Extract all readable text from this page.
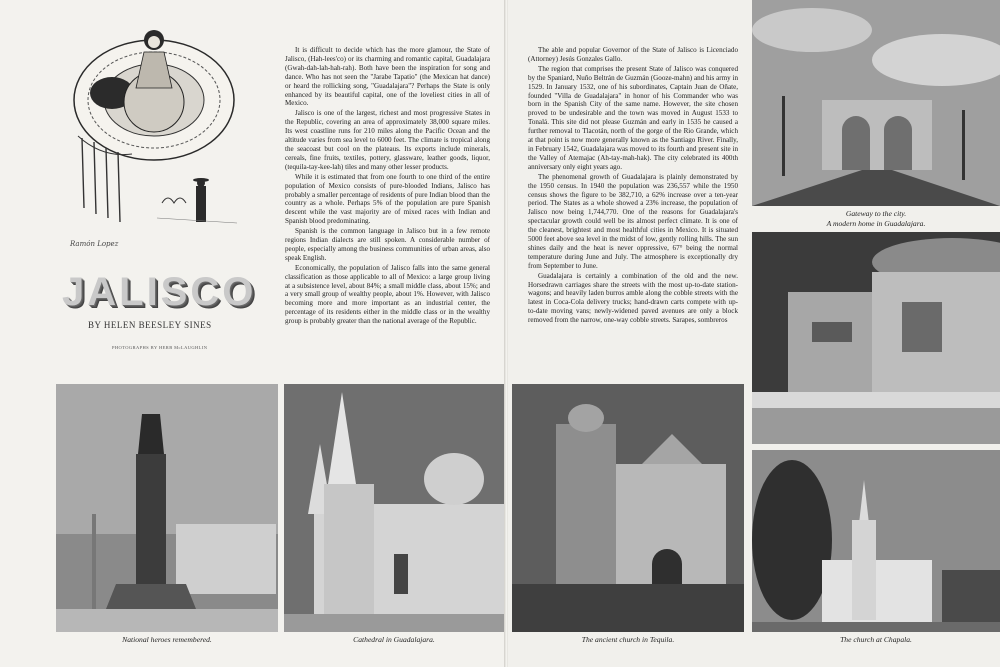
Ramón Lopez
JALISCO
BY HELEN BEESLEY SINES
PHOTOGRAPHS BY HERB McLAUGHLIN

It is difficult to decide which has the more glamour, the State of Jalisco, (Hah-lees'co) or its charming and romantic capital, Guadalajara (Gwah-dah-lah-hah-rah). Both have been the inspiration for song and dance. Who has not seen the "Jarabe Tapatio" (the Mexican hat dance) or heard the rollicking song, "Guadalajara"? Perhaps the State is only enhanced by its beautiful capital, one of the loveliest cities in all of Mexico.

Jalisco is one of the largest, richest and most progressive States in the Republic, covering an area of approximately 38,000 square miles. Its west coastline runs for 210 miles along the Pacific Ocean and the altitude varies from sea level to 6000 feet. The climate is tropical along the seacoast but cool on the plateaus. Its exports include minerals, cereals, fine fruits, textiles, pottery, glassware, leather goods, liquor, (tequila-tay-kee-lah) tiles and many other lesser products.

While it is estimated that from one fourth to one third of the entire population of Mexico consists of pure-blooded Indians, Jalisco has probably a smaller percentage of residents of pure Indian blood than the country as a whole. Perhaps 5% of the population are pure Spanish descent while the vast majority are of mixed races with Indian and Spanish blood predominating.

Spanish is the common language in Jalisco but in a few remote regions Indian dialects are still spoken. A considerable number of people, especially among the business communities of urban areas, also speak English.

Economically, the population of Jalisco falls into the same general classification as those applicable to all of Mexico: a large group living at a subsistence level, about 84%; a small middle class, about 15%; and a very small group of wealthy people, about 1%. However, with Jalisco becoming more and more important as an industrial center, the percentage of its residents either in the middle class or in the wealthy group is probably greater than the national average of the Republic.

National heroes remembered.	Cathedral in Guadalajara.

The able and popular Governor of the State of Jalisco is Licenciado (Attorney) Jesús Gonzales Gallo.

The region that comprises the present State of Jalisco was conquered by the Spaniard, Nuño Beltrán de Guzmán (Gooze-mahn) and his army in 1529. In January 1532, one of his subordinates, Captain Juan de Oñate, founded "Villa de Guadalajara" in honor of his Commander who was born in the Spanish City of the same name. However, the site chosen proved to be undesirable and the town was moved in August 1533 to Tonalá. This site did not please Guzmán and early in 1535 he caused a further removal to Tlacotán, north of the gorge of the Rio Grande, which at that point is now more generally known as the Santiago River. Finally, in February 1542, Guadalajara was moved to its fourth and present site in the Valley of Atemajac (Ah-tay-mah-hak). The city celebrated its 400th anniversary only eight years ago.

The phenomenal growth of Guadalajara is plainly demonstrated by the 1950 census. In 1940 the population was 236,557 while the 1950 census shows the figure to be 382,710, a 62% increase over a ten-year period. The States as a whole showed a 23% increase, the population of Jalisco now being 1,744,770. One of the reasons for Guadalajara's spectacular growth could well be its almost perfect climate. It is one of the cleanest, brightest and most healthful cities in Mexico. It is situated 5000 feet above sea level in the midst of low, gently rolling hills. The sun shines daily and the heat is never oppressive, 67° being the normal temperature during June and July. The atmosphere is exceptionally dry from September to June.

Guadalajara is certainly a combination of the old and the new. Horsedrawn carriages share the streets with the most up-to-date station-wagons; and heavily laden burros amble along the cobble streets with the latest in Coca-Cola delivery trucks; hand-drawn carts compete with up-to-date moving vans; newly-widened paved avenues are only a block removed from the narrow, one-way cobble streets. Sarapes, sombreros

The ancient church in Tequila.
Gateway to the city.
A modern home in Guadalajara.
The church at Chapala.
